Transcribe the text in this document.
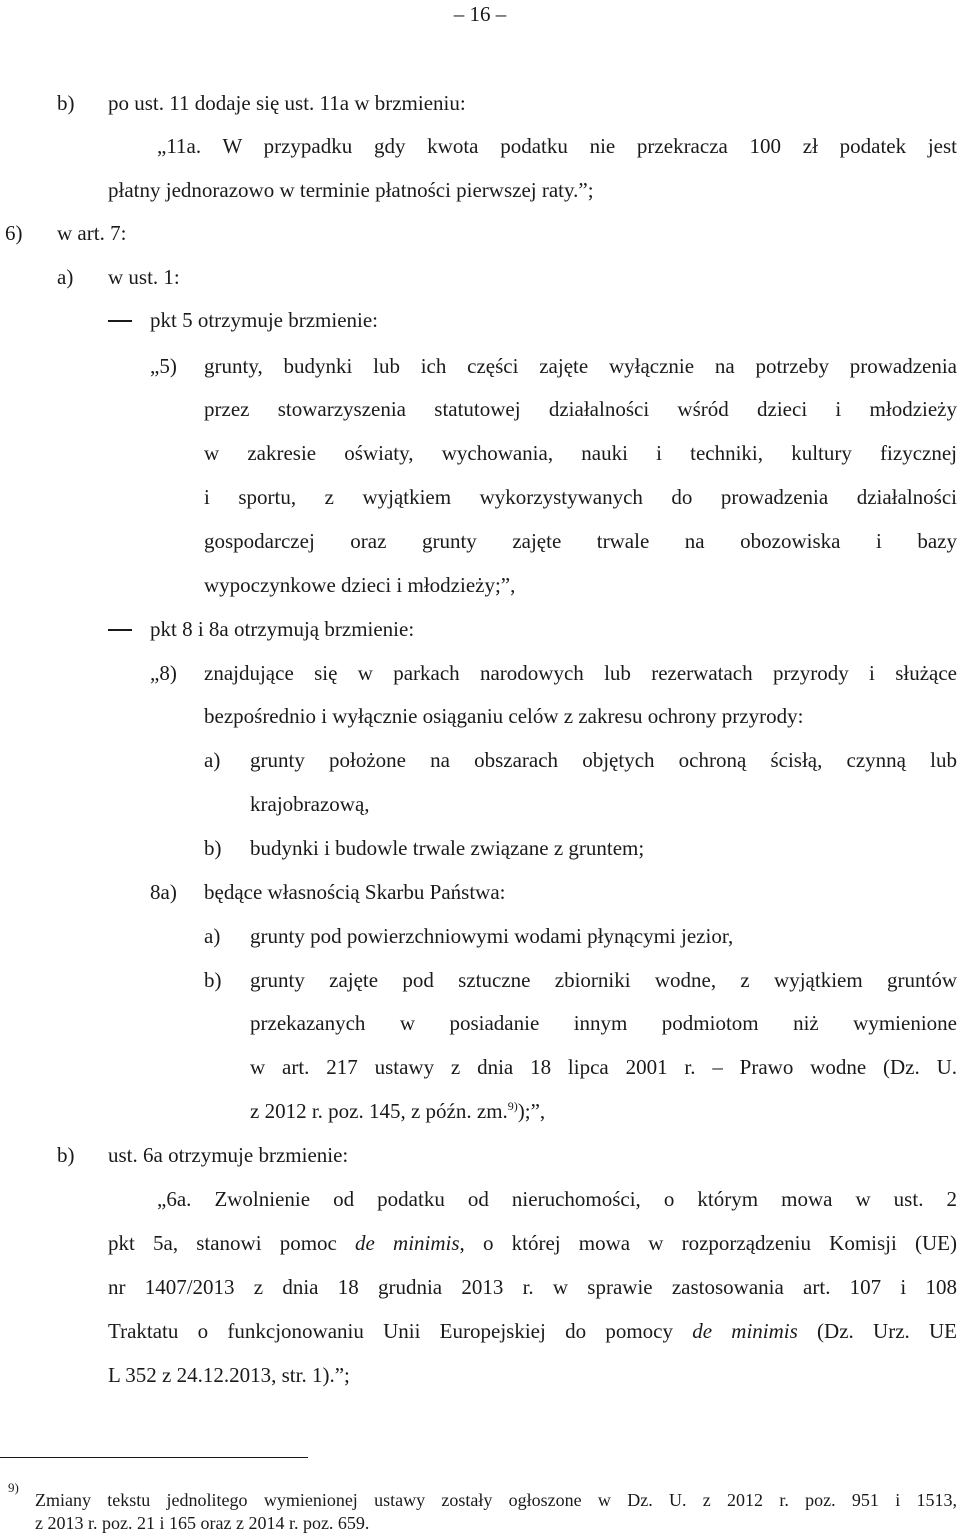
– 16 –
b) po ust. 11 dodaje się ust. 11a w brzmieniu:
„11a. W przypadku gdy kwota podatku nie przekracza 100 zł podatek jest
płatny jednorazowo w terminie płatności pierwszej raty.”;
6) w art. 7:
a) w ust. 1:
pkt 5 otrzymuje brzmienie:
„5) grunty, budynki lub ich części zajęte wyłącznie na potrzeby prowadzenia
przez stowarzyszenia statutowej działalności wśród dzieci i młodzieży
w zakresie oświaty, wychowania, nauki i techniki, kultury fizycznej
i sportu, z wyjątkiem wykorzystywanych do prowadzenia działalności
gospodarczej oraz grunty zajęte trwale na obozowiska i bazy
wypoczynkowe dzieci i młodzieży;”,
pkt 8 i 8a otrzymują brzmienie:
„8) znajdujące się w parkach narodowych lub rezerwatach przyrody i służące
bezpośrednio i wyłącznie osiąganiu celów z zakresu ochrony przyrody:
a) grunty położone na obszarach objętych ochroną ścisłą, czynną lub
krajobrazową,
b) budynki i budowle trwale związane z gruntem;
8a) będące własnością Skarbu Państwa:
a) grunty pod powierzchniowymi wodami płynącymi jezior,
b) grunty zajęte pod sztuczne zbiorniki wodne, z wyjątkiem gruntów
przekazanych w posiadanie innym podmiotom niż wymienione
w art. 217 ustawy z dnia 18 lipca 2001 r. – Prawo wodne (Dz. U.
z 2012 r. poz. 145, z późn. zm.$^{9)}$);”,
b) ust. 6a otrzymuje brzmienie:
„6a. Zwolnienie od podatku od nieruchomości, o którym mowa w ust. 2
pkt 5a, stanowi pomoc de minimis, o której mowa w rozporządzeniu Komisji (UE)
nr 1407/2013 z dnia 18 grudnia 2013 r. w sprawie zastosowania art. 107 i 108
Traktatu o funkcjonowaniu Unii Europejskiej do pomocy de minimis (Dz. Urz. UE
L 352 z 24.12.2013, str. 1).”;
9)
Zmiany tekstu jednolitego wymienionej ustawy zostały ogłoszone w Dz. U. z 2012 r. poz. 951 i 1513,
z 2013 r. poz. 21 i 165 oraz z 2014 r. poz. 659.
